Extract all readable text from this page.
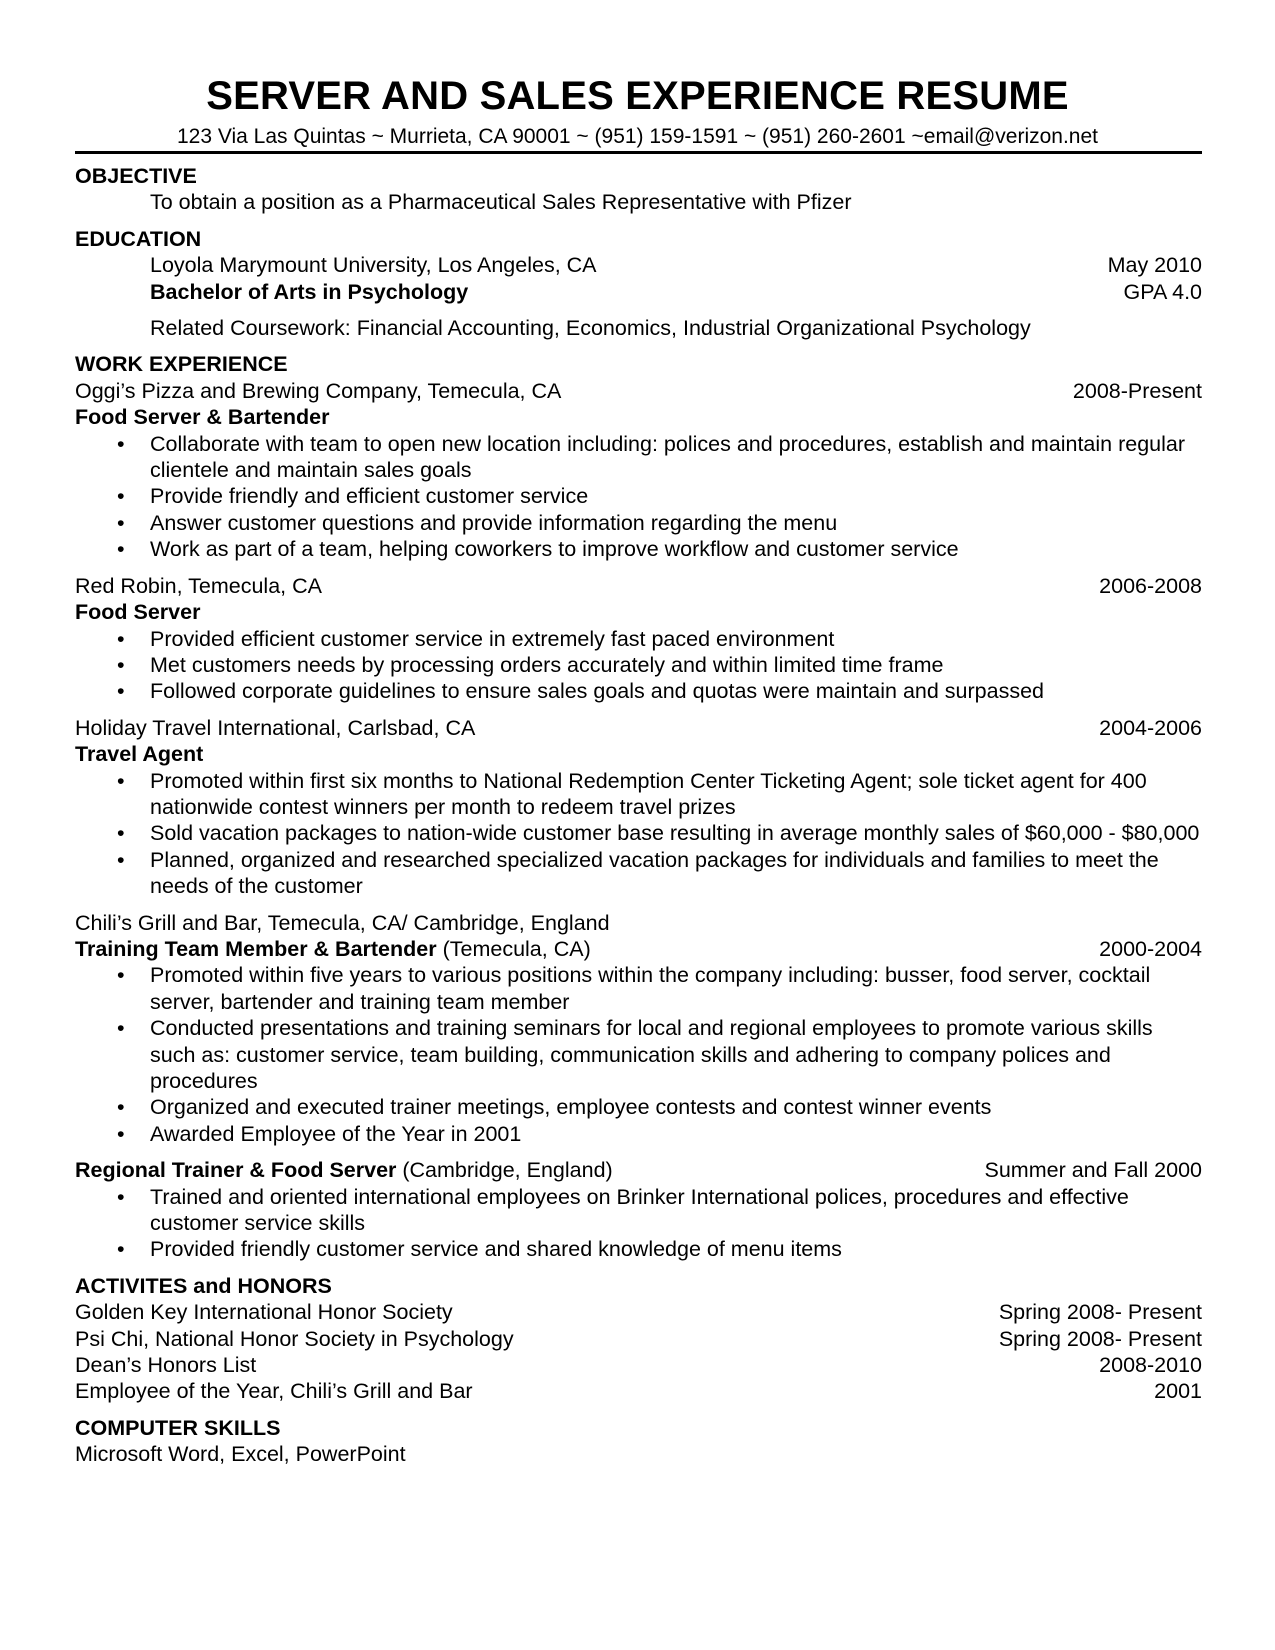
SERVER AND SALES EXPERIENCE RESUME
123 Via Las Quintas ~ Murrieta, CA 90001 ~ (951) 159-1591 ~ (951) 260-2601 ~email@verizon.net
OBJECTIVE
To obtain a position as a Pharmaceutical Sales Representative with Pfizer
EDUCATION
Loyola Marymount University, Los Angeles, CA	May 2010
Bachelor of Arts in Psychology	GPA 4.0
Related Coursework: Financial Accounting, Economics, Industrial Organizational Psychology
WORK EXPERIENCE
Oggi’s Pizza and Brewing Company, Temecula, CA	2008-Present
Food Server & Bartender
• Collaborate with team to open new location including: polices and procedures, establish and maintain regular clientele and maintain sales goals
• Provide friendly and efficient customer service
• Answer customer questions and provide information regarding the menu
• Work as part of a team, helping coworkers to improve workflow and customer service
Red Robin, Temecula, CA	2006-2008
Food Server
• Provided efficient customer service in extremely fast paced environment
• Met customers needs by processing orders accurately and within limited time frame
• Followed corporate guidelines to ensure sales goals and quotas were maintain and surpassed
Holiday Travel International, Carlsbad, CA	2004-2006
Travel Agent
• Promoted within first six months to National Redemption Center Ticketing Agent; sole ticket agent for 400 nationwide contest winners per month to redeem travel prizes
• Sold vacation packages to nation-wide customer base resulting in average monthly sales of $60,000 - $80,000
• Planned, organized and researched specialized vacation packages for individuals and families to meet the needs of the customer
Chili’s Grill and Bar, Temecula, CA/ Cambridge, England
Training Team Member & Bartender (Temecula, CA)	2000-2004
• Promoted within five years to various positions within the company including: busser, food server, cocktail server, bartender and training team member
• Conducted presentations and training seminars for local and regional employees to promote various skills such as: customer service, team building, communication skills and adhering to company polices and procedures
• Organized and executed trainer meetings, employee contests and contest winner events
• Awarded Employee of the Year in 2001
Regional Trainer & Food Server (Cambridge, England)	Summer and Fall 2000
• Trained and oriented international employees on Brinker International polices, procedures and effective customer service skills
• Provided friendly customer service and shared knowledge of menu items
ACTIVITES and HONORS
Golden Key International Honor Society	Spring 2008- Present
Psi Chi, National Honor Society in Psychology	Spring 2008- Present
Dean’s Honors List	2008-2010
Employee of the Year, Chili’s Grill and Bar	2001
COMPUTER SKILLS
Microsoft Word, Excel, PowerPoint
